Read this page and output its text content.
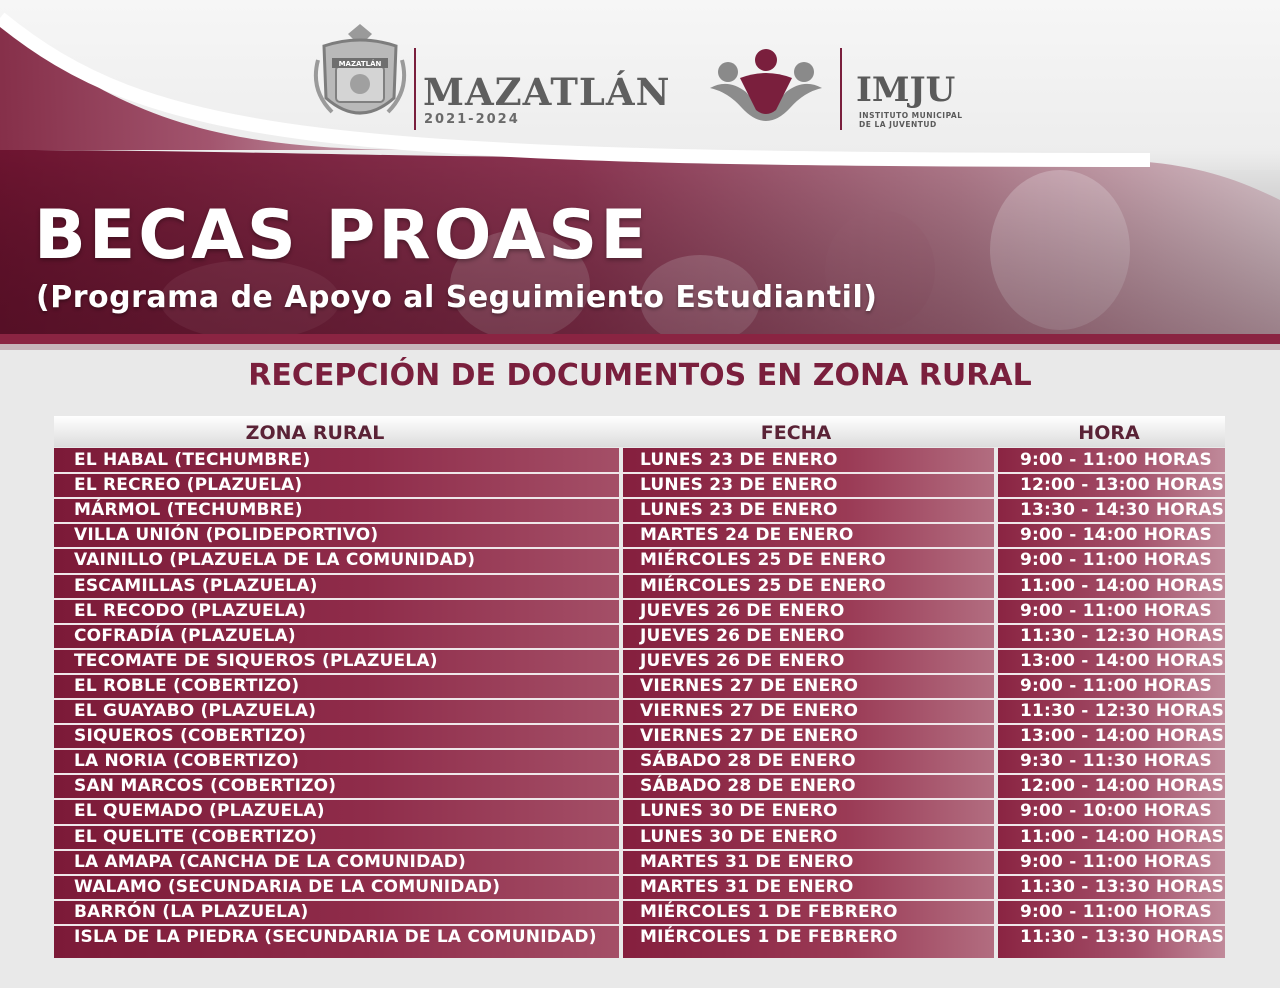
MAZATLÁN
MAZATLÁN
2021-2024
IMJU
INSTITUTO MUNICIPAL
DE LA JUVENTUD
BECAS PROASE
(Programa de Apoyo al Seguimiento Estudiantil)
RECEPCIÓN DE DOCUMENTOS EN ZONA RURAL
ZONA RURAL	FECHA	HORA
EL HABAL (TECHUMBRE)	LUNES 23 DE ENERO	9:00 - 11:00 HORAS
EL RECREO (PLAZUELA)	LUNES 23 DE ENERO	12:00 - 13:00 HORAS
MÁRMOL (TECHUMBRE)	LUNES 23 DE ENERO	13:30 - 14:30 HORAS
VILLA UNIÓN (POLIDEPORTIVO)	MARTES 24 DE ENERO	9:00 - 14:00 HORAS
VAINILLO (PLAZUELA DE LA COMUNIDAD)	MIÉRCOLES 25 DE ENERO	9:00 - 11:00 HORAS
ESCAMILLAS (PLAZUELA)	MIÉRCOLES 25 DE ENERO	11:00 - 14:00 HORAS
EL RECODO (PLAZUELA)	JUEVES 26 DE ENERO	9:00 - 11:00 HORAS
COFRADÍA (PLAZUELA)	JUEVES 26 DE ENERO	11:30 - 12:30 HORAS
TECOMATE DE SIQUEROS (PLAZUELA)	JUEVES 26 DE ENERO	13:00 - 14:00 HORAS
EL ROBLE (COBERTIZO)	VIERNES 27 DE ENERO	9:00 - 11:00 HORAS
EL GUAYABO (PLAZUELA)	VIERNES 27 DE ENERO	11:30 - 12:30 HORAS
SIQUEROS (COBERTIZO)	VIERNES 27 DE ENERO	13:00 - 14:00 HORAS
LA NORIA (COBERTIZO)	SÁBADO 28 DE ENERO	9:30 - 11:30 HORAS
SAN MARCOS (COBERTIZO)	SÁBADO 28 DE ENERO	12:00 - 14:00 HORAS
EL QUEMADO (PLAZUELA)	LUNES 30 DE ENERO	9:00 - 10:00 HORAS
EL QUELITE (COBERTIZO)	LUNES 30 DE ENERO	11:00 - 14:00 HORAS
LA AMAPA (CANCHA DE LA COMUNIDAD)	MARTES 31 DE ENERO	9:00 - 11:00 HORAS
WALAMO (SECUNDARIA DE LA COMUNIDAD)	MARTES 31 DE ENERO	11:30 - 13:30 HORAS
BARRÓN (LA PLAZUELA)	MIÉRCOLES 1 DE FEBRERO	9:00 - 11:00 HORAS
ISLA DE LA PIEDRA (SECUNDARIA DE LA COMUNIDAD)	MIÉRCOLES 1 DE FEBRERO	11:30 - 13:30 HORAS
